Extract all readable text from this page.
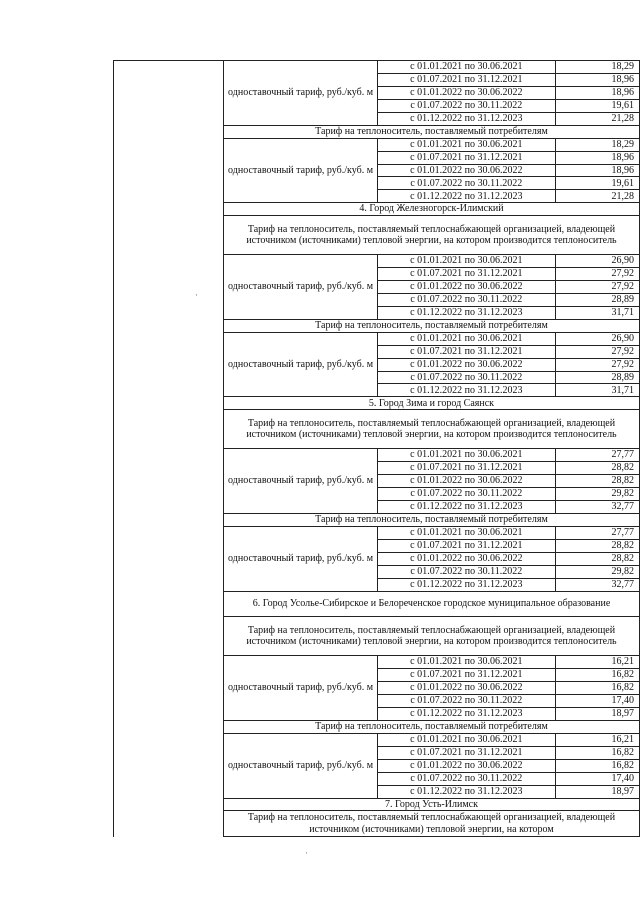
	одноставочный тариф, руб./куб. м	с 01.01.2021 по 30.06.2021	18,29
		с 01.07.2021 по 31.12.2021	18,96
		с 01.01.2022 по 30.06.2022	18,96
		с 01.07.2022 по 30.11.2022	19,61
		с 01.12.2022 по 31.12.2023	21,28
	Тариф на теплоноситель, поставляемый потребителям		
	одноставочный тариф, руб./куб. м	с 01.01.2021 по 30.06.2021	18,29
		с 01.07.2021 по 31.12.2021	18,96
		с 01.01.2022 по 30.06.2022	18,96
		с 01.07.2022 по 30.11.2022	19,61
		с 01.12.2022 по 31.12.2023	21,28
	4. Город Железногорск-Илимский		
	Тариф на теплоноситель, поставляемый теплоснабжающей организацией, владеющей источником (источниками) тепловой энергии, на котором производится теплоноситель		
	одноставочный тариф, руб./куб. м	с 01.01.2021 по 30.06.2021	26,90
		с 01.07.2021 по 31.12.2021	27,92
		с 01.01.2022 по 30.06.2022	27,92
		с 01.07.2022 по 30.11.2022	28,89
		с 01.12.2022 по 31.12.2023	31,71
	Тариф на теплоноситель, поставляемый потребителям		
	одноставочный тариф, руб./куб. м	с 01.01.2021 по 30.06.2021	26,90
		с 01.07.2021 по 31.12.2021	27,92
		с 01.01.2022 по 30.06.2022	27,92
		с 01.07.2022 по 30.11.2022	28,89
		с 01.12.2022 по 31.12.2023	31,71
	5. Город Зима и город Саянск		
	Тариф на теплоноситель, поставляемый теплоснабжающей организацией, владеющей источником (источниками) тепловой энергии, на котором производится теплоноситель		
	одноставочный тариф, руб./куб. м	с 01.01.2021 по 30.06.2021	27,77
		с 01.07.2021 по 31.12.2021	28,82
		с 01.01.2022 по 30.06.2022	28,82
		с 01.07.2022 по 30.11.2022	29,82
		с 01.12.2022 по 31.12.2023	32,77
	Тариф на теплоноситель, поставляемый потребителям		
	одноставочный тариф, руб./куб. м	с 01.01.2021 по 30.06.2021	27,77
		с 01.07.2021 по 31.12.2021	28,82
		с 01.01.2022 по 30.06.2022	28,82
		с 01.07.2022 по 30.11.2022	29,82
		с 01.12.2022 по 31.12.2023	32,77
	6. Город Усолье-Сибирское и Белореченское городское муниципальное образование		
	Тариф на теплоноситель, поставляемый теплоснабжающей организацией, владеющей источником (источниками) тепловой энергии, на котором производится теплоноситель		
	одноставочный тариф, руб./куб. м	с 01.01.2021 по 30.06.2021	16,21
		с 01.07.2021 по 31.12.2021	16,82
		с 01.01.2022 по 30.06.2022	16,82
		с 01.07.2022 по 30.11.2022	17,40
		с 01.12.2022 по 31.12.2023	18,97
	Тариф на теплоноситель, поставляемый потребителям		
	одноставочный тариф, руб./куб. м	с 01.01.2021 по 30.06.2021	16,21
		с 01.07.2021 по 31.12.2021	16,82
		с 01.01.2022 по 30.06.2022	16,82
		с 01.07.2022 по 30.11.2022	17,40
		с 01.12.2022 по 31.12.2023	18,97
	7. Город Усть-Илимск		
	Тариф на теплоноситель, поставляемый теплоснабжающей организацией, владеющей источником (источниками) тепловой энергии, на котором		
·
·
